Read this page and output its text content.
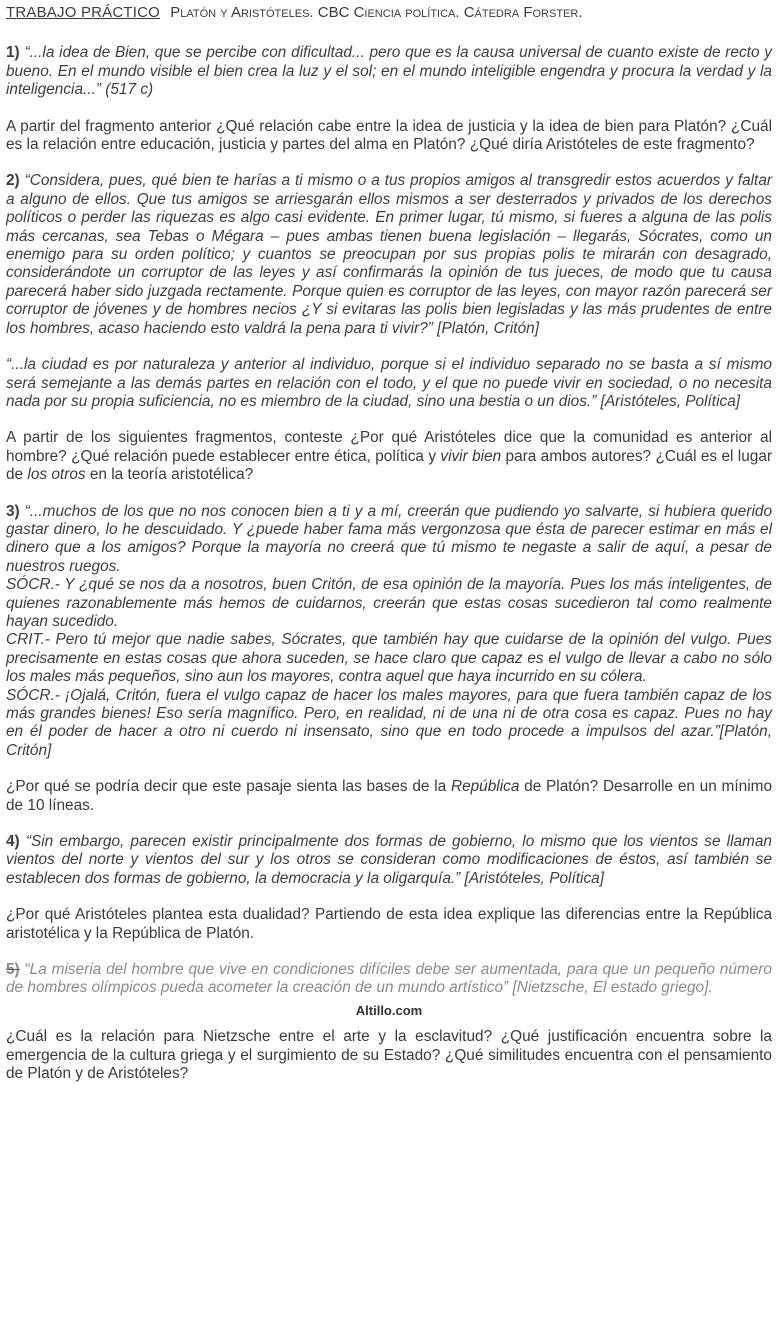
TRABAJO PRÁCTICO Platón y Aristóteles. CBC Ciencia política. Cátedra Forster.

1) “...la idea de Bien, que se percibe con dificultad... pero que es la causa universal de cuanto existe de recto y bueno. En el mundo visible el bien crea la luz y el sol; en el mundo inteligible engendra y procura la verdad y la inteligencia...” (517 c)

A partir del fragmento anterior ¿Qué relación cabe entre la idea de justicia y la idea de bien para Platón? ¿Cuál es la relación entre educación, justicia y partes del alma en Platón? ¿Qué diría Aristóteles de este fragmento?

2) “Considera, pues, qué bien te harías a ti mismo o a tus propios amigos al transgredir estos acuerdos y faltar a alguno de ellos. Que tus amigos se arriesgarán ellos mismos a ser desterrados y privados de los derechos políticos o perder las riquezas es algo casi evidente. En primer lugar, tú mismo, si fueres a alguna de las polis más cercanas, sea Tebas o Mégara – pues ambas tienen buena legislación – llegarás, Sócrates, como un enemigo para su orden político; y cuantos se preocupan por sus propias polis te mirarán con desagrado, considerándote un corruptor de las leyes y así confirmarás la opinión de tus jueces, de modo que tu causa parecerá haber sido juzgada rectamente. Porque quien es corruptor de las leyes, con mayor razón parecerá ser corruptor de jóvenes y de hombres necios ¿Y si evitaras las polis bien legisladas y las más prudentes de entre los hombres, acaso haciendo esto valdrá la pena para ti vivir?” [Platón, Critón]

“...la ciudad es por naturaleza y anterior al individuo, porque si el individuo separado no se basta a sí mismo será semejante a las demás partes en relación con el todo, y el que no puede vivir en sociedad, o no necesita nada por su propia suficiencia, no es miembro de la ciudad, sino una bestia o un dios.” [Aristóteles, Política]

A partir de los siguientes fragmentos, conteste ¿Por qué Aristóteles dice que la comunidad es anterior al hombre? ¿Qué relación puede establecer entre ética, política y vivir bien para ambos autores? ¿Cuál es el lugar de los otros en la teoría aristotélica?

3) “...muchos de los que no nos conocen bien a ti y a mí, creerán que pudiendo yo salvarte, si hubiera querido gastar dinero, lo he descuidado. Y ¿puede haber fama más vergonzosa que ésta de parecer estimar en más el dinero que a los amigos? Porque la mayoría no creerá que tú mismo te negaste a salir de aquí, a pesar de nuestros ruegos.

SÓCR.- Y ¿qué se nos da a nosotros, buen Critón, de esa opinión de la mayoría. Pues los más inteligentes, de quienes razonablemente más hemos de cuidarnos, creerán que estas cosas sucedieron tal como realmente hayan sucedido.

CRIT.- Pero tú mejor que nadie sabes, Sócrates, que también hay que cuidarse de la opinión del vulgo. Pues precisamente en estas cosas que ahora suceden, se hace claro que capaz es el vulgo de llevar a cabo no sólo los males más pequeños, sino aun los mayores, contra aquel que haya incurrido en su cólera.

SÓCR.- ¡Ojalá, Critón, fuera el vulgo capaz de hacer los males mayores, para que fuera también capaz de los más grandes bienes! Eso sería magnífico. Pero, en realidad, ni de una ni de otra cosa es capaz. Pues no hay en él poder de hacer a otro ni cuerdo ni insensato, sino que en todo procede a impulsos del azar.”[Platón, Critón]

¿Por qué se podría decir que este pasaje sienta las bases de la República de Platón? Desarrolle en un mínimo de 10 líneas.

4) “Sin embargo, parecen existir principalmente dos formas de gobierno, lo mismo que los vientos se llaman vientos del norte y vientos del sur y los otros se consideran como modificaciones de éstos, así también se establecen dos formas de gobierno, la democracia y la oligarquía.” [Aristóteles, Política]

¿Por qué Aristóteles plantea esta dualidad? Partiendo de esta idea explique las diferencias entre la República aristotélica y la República de Platón.

5) “La miseria del hombre que vive en condiciones difíciles debe ser aumentada, para que un pequeño número de hombres olímpicos pueda acometer la creación de un mundo artístico” [Nietzsche, El estado griego].

Altillo.com

¿Cuál es la relación para Nietzsche entre el arte y la esclavitud? ¿Qué justificación encuentra sobre la emergencia de la cultura griega y el surgimiento de su Estado? ¿Qué similitudes encuentra con el pensamiento de Platón y de Aristóteles?
